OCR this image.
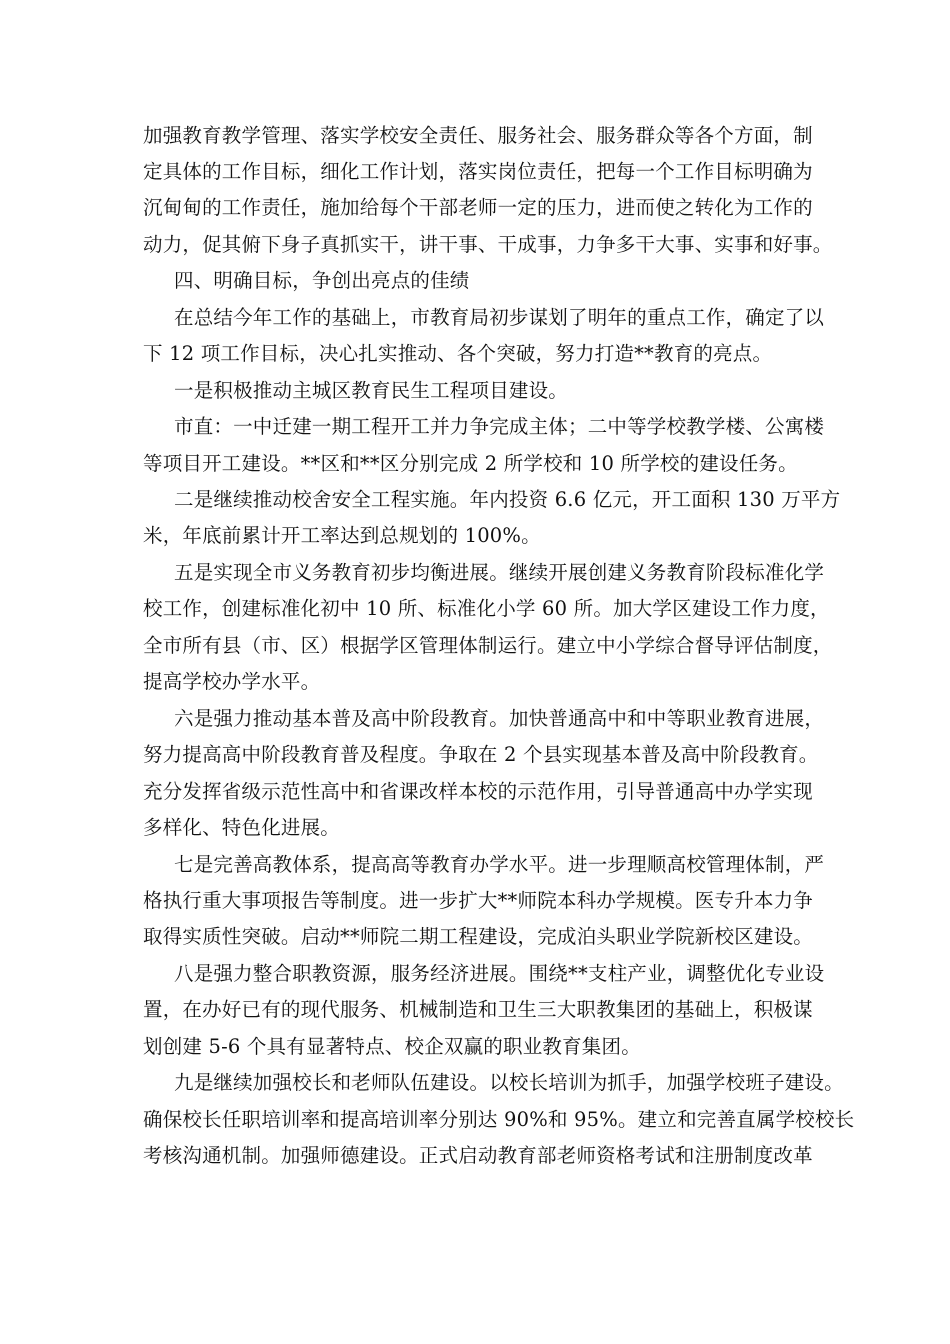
加强教育教学管理、落实学校安全责任、服务社会、服务群众等各个方面，制
定具体的工作目标，细化工作计划，落实岗位责任，把每一个工作目标明确为
沉甸甸的工作责任，施加给每个干部老师一定的压力，进而使之转化为工作的
动力，促其俯下身子真抓实干，讲干事、干成事，力争多干大事、实事和好事。
四、明确目标，争创出亮点的佳绩
在总结今年工作的基础上，市教育局初步谋划了明年的重点工作，确定了以
下 12 项工作目标，决心扎实推动、各个突破，努力打造**教育的亮点。
一是积极推动主城区教育民生工程项目建设。
市直：一中迁建一期工程开工并力争完成主体；二中等学校教学楼、公寓楼
等项目开工建设。**区和**区分别完成 2 所学校和 10 所学校的建设任务。
二是继续推动校舍安全工程实施。年内投资 6.6 亿元，开工面积 130 万平方
米，年底前累计开工率达到总规划的 100%。
五是实现全市义务教育初步均衡进展。继续开展创建义务教育阶段标准化学
校工作，创建标准化初中 10 所、标准化小学 60 所。加大学区建设工作力度，
全市所有县（市、区）根据学区管理体制运行。建立中小学综合督导评估制度，
提高学校办学水平。
六是强力推动基本普及高中阶段教育。加快普通高中和中等职业教育进展，
努力提高高中阶段教育普及程度。争取在 2 个县实现基本普及高中阶段教育。
充分发挥省级示范性高中和省课改样本校的示范作用，引导普通高中办学实现
多样化、特色化进展。
七是完善高教体系，提高高等教育办学水平。进一步理顺高校管理体制，严
格执行重大事项报告等制度。进一步扩大**师院本科办学规模。医专升本力争
取得实质性突破。启动**师院二期工程建设，完成泊头职业学院新校区建设。
八是强力整合职教资源，服务经济进展。围绕**支柱产业，调整优化专业设
置，在办好已有的现代服务、机械制造和卫生三大职教集团的基础上，积极谋
划创建 5-6 个具有显著特点、校企双赢的职业教育集团。
九是继续加强校长和老师队伍建设。以校长培训为抓手，加强学校班子建设。
确保校长任职培训率和提高培训率分别达 90%和 95%。建立和完善直属学校校长
考核沟通机制。加强师德建设。正式启动教育部老师资格考试和注册制度改革
